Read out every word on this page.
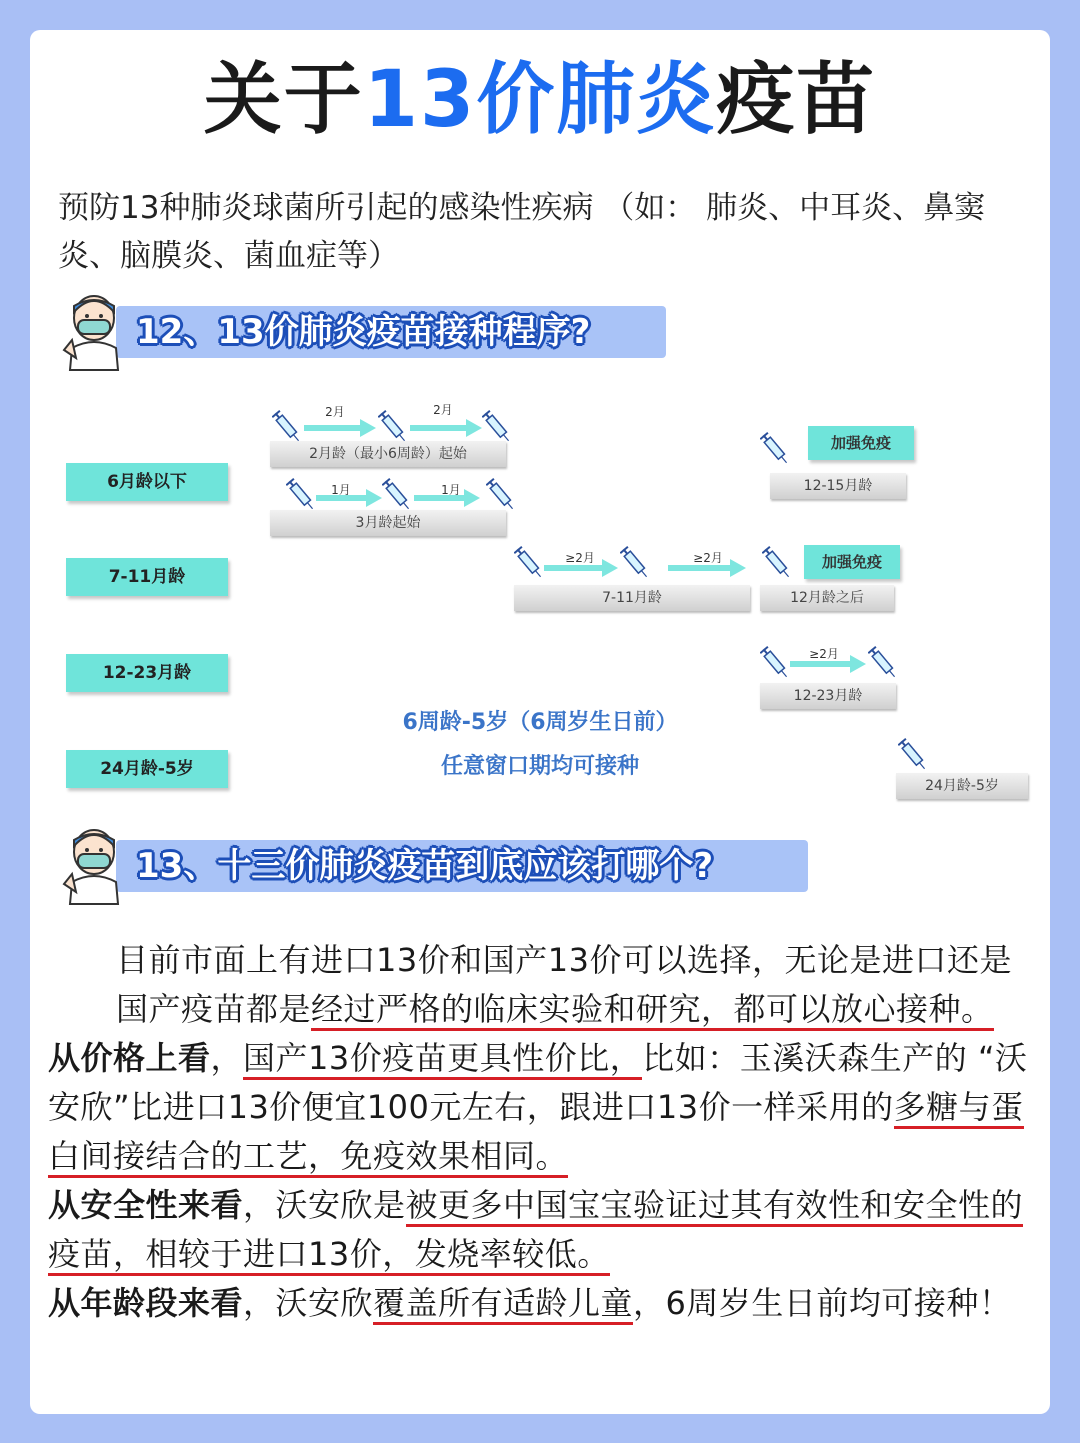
关于13价肺炎疫苗
预防13种肺炎球菌所引起的感染性疾病 （如： 肺炎、中耳炎、鼻窦炎、脑膜炎、菌血症等）
12、13价肺炎疫苗接种程序?
6月龄以下
7-11月龄
12-23月龄
24月龄-5岁
2月	2月
2月龄（最小6周龄）起始
1月	1月
3月龄起始
加强免疫
12-15月龄
≥2月	≥2月
7-11月龄
加强免疫
12月龄之后
≥2月
12-23月龄
24月龄-5岁
6周龄-5岁（6周岁生日前）
任意窗口期均可接种
13、十三价肺炎疫苗到底应该打哪个?

目前市面上有进口13价和国产13价可以选择，无论是进口还是国产疫苗都是经过严格的临床实验和研究，都可以放心接种。

从价格上看，国产13价疫苗更具性价比，比如：玉溪沃森生产的 “沃安欣”比进口13价便宜100元左右，跟进口13价一样采用的多糖与蛋白间接结合的工艺，免疫效果相同。

从安全性来看，沃安欣是被更多中国宝宝验证过其有效性和安全性的疫苗，相较于进口13价，发烧率较低。

从年龄段来看，沃安欣覆盖所有适龄儿童，6周岁生日前均可接种！
